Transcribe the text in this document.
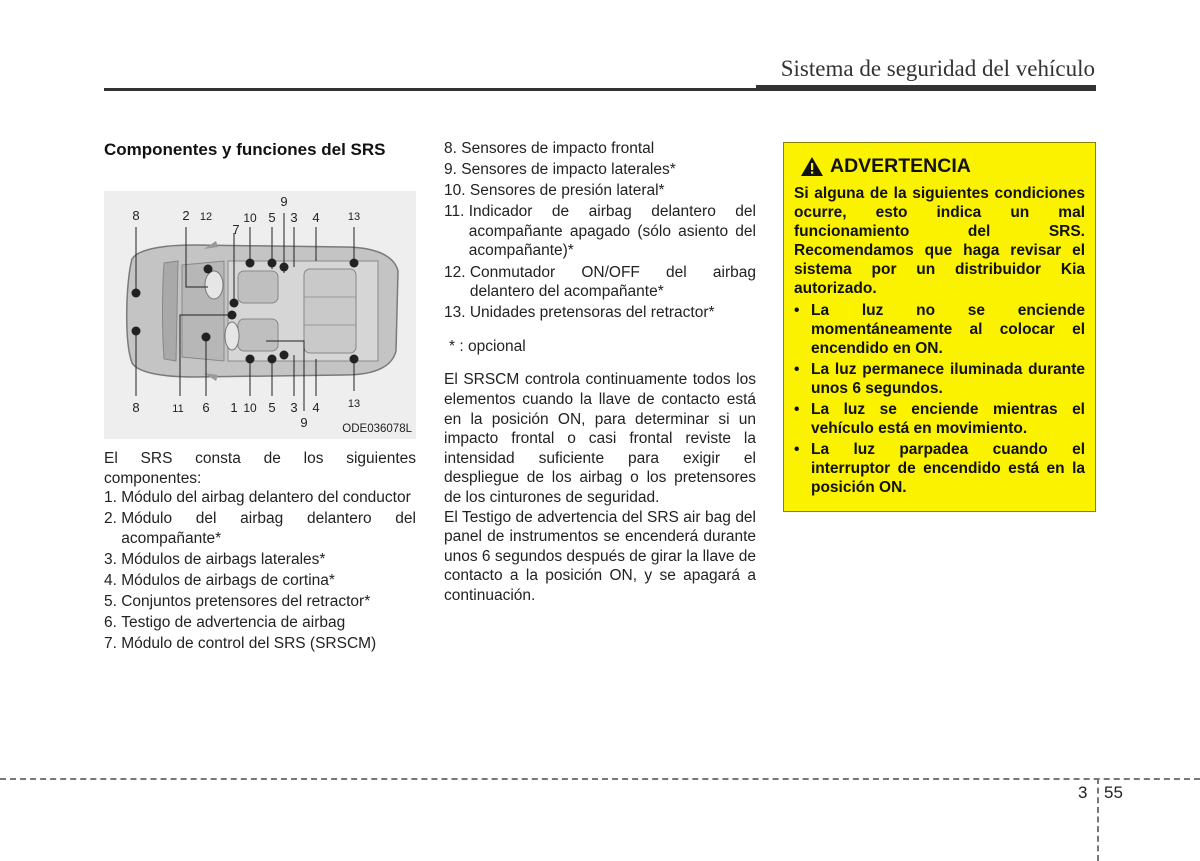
Sistema de seguridad del vehículo
Componentes y funciones del SRS
8	2 12
7
10 5
9
3 4	13
8	11 6 1 10 5 3 4
9
13
ODE036078L
El SRS consta de los siguientes componentes:
1. Módulo del airbag delantero del conductor
2. Módulo del airbag delantero del acompañante*
3. Módulos de airbags laterales*
4. Módulos de airbags de cortina*
5. Conjuntos pretensores del retractor*
6. Testigo de advertencia de airbag
7. Módulo de control del SRS (SRSCM)
8. Sensores de impacto frontal
9. Sensores de impacto laterales*
10. Sensores de presión lateral*
11. Indicador de airbag delantero del acompañante apagado (sólo asiento del acompañante)*
12. Conmutador ON/OFF del airbag delantero del acompañante*
13. Unidades pretensoras del retractor*
* : opcional
El SRSCM controla continuamente todos los elementos cuando la llave de contacto está en la posición ON, para determinar si un impacto frontal o casi frontal reviste la intensidad suficiente para exigir el despliegue de los airbag o los pretensores de los cinturones de seguridad.
El Testigo de advertencia del SRS air bag del panel de instrumentos se encenderá durante unos 6 segundos después de girar la llave de contacto a la posición ON, y se apagará a continuación.
ADVERTENCIA
Si alguna de la siguientes condiciones ocurre, esto indica un mal funcionamiento del SRS. Recomendamos que haga revisar el sistema por un distribuidor Kia autorizado.
• La luz no se enciende momentáneamente al colocar el encendido en ON.
• La luz permanece iluminada durante unos 6 segundos.
• La luz se enciende mientras el vehículo está en movimiento.
• La luz parpadea cuando el interruptor de encendido está en la posición ON.
3 55
